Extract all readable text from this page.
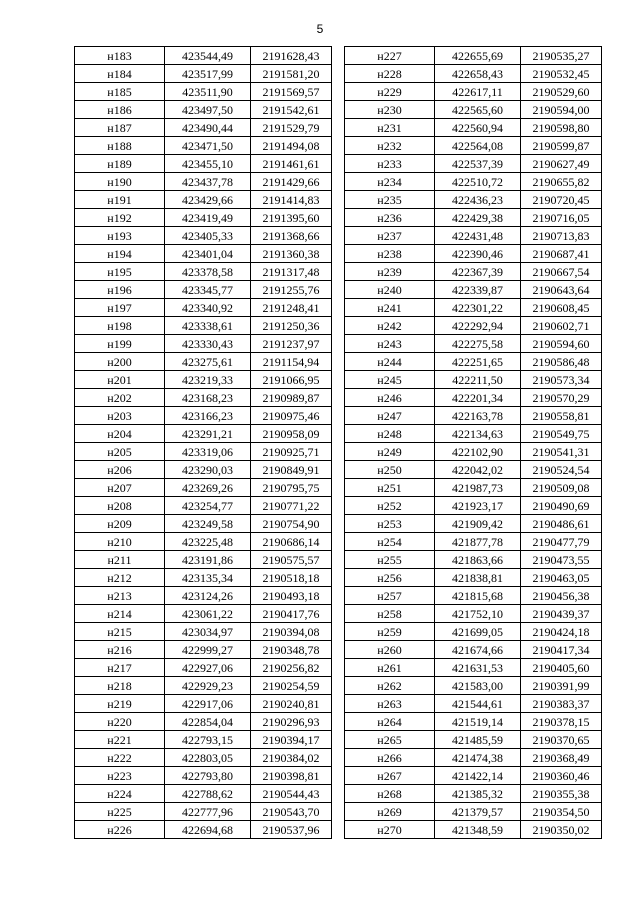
5
н183	423544,49	2191628,43
н184	423517,99	2191581,20
н185	423511,90	2191569,57
н186	423497,50	2191542,61
н187	423490,44	2191529,79
н188	423471,50	2191494,08
н189	423455,10	2191461,61
н190	423437,78	2191429,66
н191	423429,66	2191414,83
н192	423419,49	2191395,60
н193	423405,33	2191368,66
н194	423401,04	2191360,38
н195	423378,58	2191317,48
н196	423345,77	2191255,76
н197	423340,92	2191248,41
н198	423338,61	2191250,36
н199	423330,43	2191237,97
н200	423275,61	2191154,94
н201	423219,33	2191066,95
н202	423168,23	2190989,87
н203	423166,23	2190975,46
н204	423291,21	2190958,09
н205	423319,06	2190925,71
н206	423290,03	2190849,91
н207	423269,26	2190795,75
н208	423254,77	2190771,22
н209	423249,58	2190754,90
н210	423225,48	2190686,14
н211	423191,86	2190575,57
н212	423135,34	2190518,18
н213	423124,26	2190493,18
н214	423061,22	2190417,76
н215	423034,97	2190394,08
н216	422999,27	2190348,78
н217	422927,06	2190256,82
н218	422929,23	2190254,59
н219	422917,06	2190240,81
н220	422854,04	2190296,93
н221	422793,15	2190394,17
н222	422803,05	2190384,02
н223	422793,80	2190398,81
н224	422788,62	2190544,43
н225	422777,96	2190543,70
н226	422694,68	2190537,96
н227	422655,69	2190535,27
н228	422658,43	2190532,45
н229	422617,11	2190529,60
н230	422565,60	2190594,00
н231	422560,94	2190598,80
н232	422564,08	2190599,87
н233	422537,39	2190627,49
н234	422510,72	2190655,82
н235	422436,23	2190720,45
н236	422429,38	2190716,05
н237	422431,48	2190713,83
н238	422390,46	2190687,41
н239	422367,39	2190667,54
н240	422339,87	2190643,64
н241	422301,22	2190608,45
н242	422292,94	2190602,71
н243	422275,58	2190594,60
н244	422251,65	2190586,48
н245	422211,50	2190573,34
н246	422201,34	2190570,29
н247	422163,78	2190558,81
н248	422134,63	2190549,75
н249	422102,90	2190541,31
н250	422042,02	2190524,54
н251	421987,73	2190509,08
н252	421923,17	2190490,69
н253	421909,42	2190486,61
н254	421877,78	2190477,79
н255	421863,66	2190473,55
н256	421838,81	2190463,05
н257	421815,68	2190456,38
н258	421752,10	2190439,37
н259	421699,05	2190424,18
н260	421674,66	2190417,34
н261	421631,53	2190405,60
н262	421583,00	2190391,99
н263	421544,61	2190383,37
н264	421519,14	2190378,15
н265	421485,59	2190370,65
н266	421474,38	2190368,49
н267	421422,14	2190360,46
н268	421385,32	2190355,38
н269	421379,57	2190354,50
н270	421348,59	2190350,02
